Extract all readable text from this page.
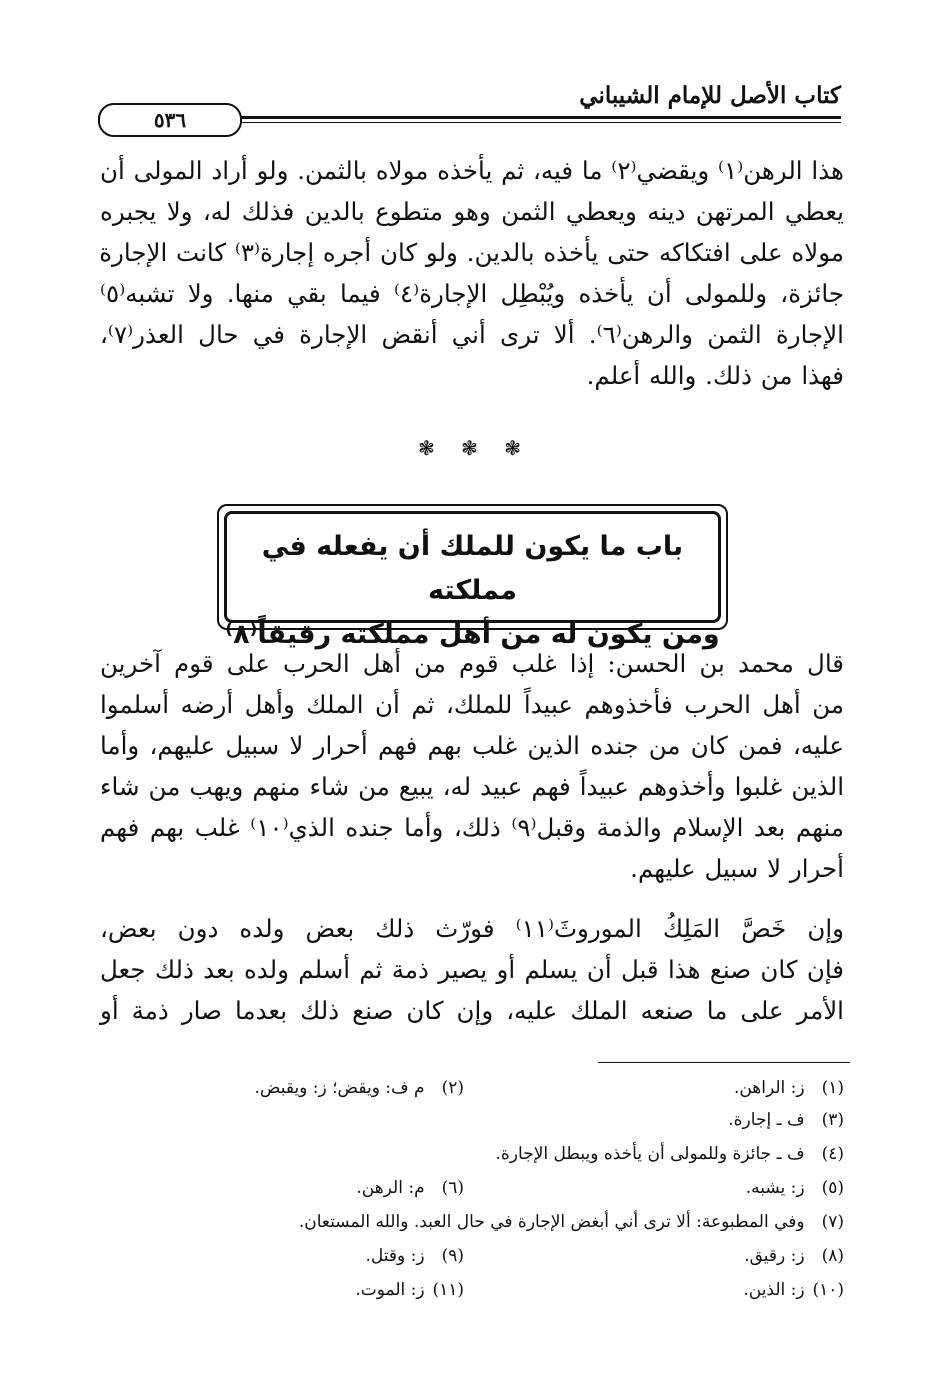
كتاب الأصل للإمام الشيباني
٥٣٦
هذا الرهن⁽١⁾ ويقضي⁽٢⁾ ما فيه، ثم يأخذه مولاه بالثمن. ولو أراد المولى أن
يعطي المرتهن دينه ويعطي الثمن وهو متطوع بالدين فذلك له، ولا يجبره
مولاه على افتكاكه حتى يأخذه بالدين. ولو كان أجره إجارة⁽٣⁾ كانت الإجارة
جائزة، وللمولى أن يأخذه ويُبْطِل الإجارة⁽٤⁾ فيما بقي منها. ولا تشبه⁽٥⁾
الإجارة الثمن والرهن⁽٦⁾. ألا ترى أني أنقض الإجارة في حال العذر⁽٧⁾،
فهذا من ذلك. والله أعلم.
❃ ❃ ❃
باب ما يكون للملك أن يفعله في مملكته
ومن يكون له من أهل مملكته رقيقاً⁽٨⁾
قال محمد بن الحسن: إذا غلب قوم من أهل الحرب على قوم آخرين
من أهل الحرب فأخذوهم عبيداً للملك، ثم أن الملك وأهل أرضه أسلموا
عليه، فمن كان من جنده الذين غلب بهم فهم أحرار لا سبيل عليهم، وأما
الذين غلبوا وأخذوهم عبيداً فهم عبيد له، يبيع من شاء منهم ويهب من شاء
منهم بعد الإسلام والذمة وقبل⁽٩⁾ ذلك، وأما جنده الذي⁽١٠⁾ غلب بهم فهم
أحرار لا سبيل عليهم.
وإن خَصَّ المَلِكُ الموروثَ⁽١١⁾ فورّث ذلك بعض ولده دون بعض،
فإن كان صنع هذا قبل أن يسلم أو يصير ذمة ثم أسلم ولده بعد ذلك جعل
الأمر على ما صنعه الملك عليه، وإن كان صنع ذلك بعدما صار ذمة أو
(١) ز: الراهن.
(٢) م ف: ويقض؛ ز: ويقبض.
(٣) ف ـ إجارة.
(٤) ف ـ جائزة وللمولى أن يأخذه ويبطل الإجارة.
(٥) ز: يشبه.
(٦) م: الرهن.
(٧) وفي المطبوعة: ألا ترى أني أبغض الإجارة في حال العبد. والله المستعان.
(٨) ز: رقيق.
(٩) ز: وقتل.
(١٠) ز: الذين.
(١١) ز: الموت.
